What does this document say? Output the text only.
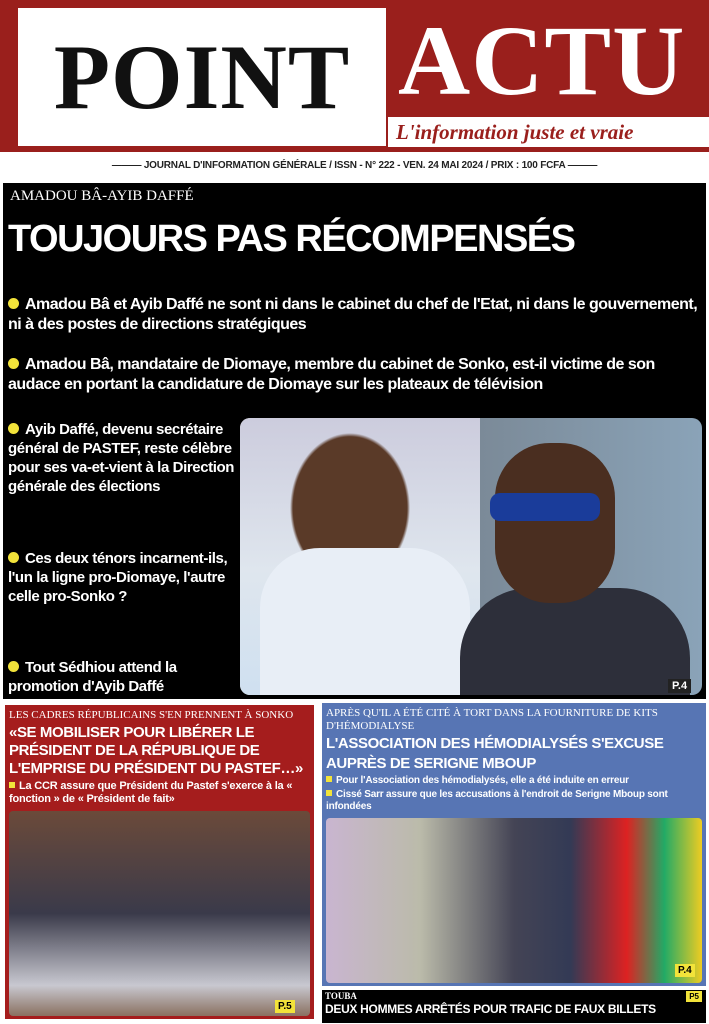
POINT ACTU
L'information juste et vraie
——— JOURNAL D'INFORMATION GÉNÉRALE / ISSN - N° 222 - VEN. 24 MAI 2024 / PRIX : 100 FCFA ———
AMADOU BÂ-AYIB DAFFÉ
TOUJOURS PAS RÉCOMPENSÉS
Amadou Bâ et Ayib Daffé ne sont ni dans le cabinet du chef de l'Etat, ni dans le gouvernement, ni à des postes de directions stratégiques
Amadou Bâ, mandataire de Diomaye, membre du cabinet de Sonko, est-il victime de son audace en portant la candidature de Diomaye sur les plateaux de télévision
Ayib Daffé, devenu secrétaire général de PASTEF, reste célèbre pour ses va-et-vient à la Direction générale des élections
Ces deux ténors incarnent-ils, l'un la ligne pro-Diomaye, l'autre celle pro-Sonko ?
Tout Sédhiou attend la promotion d'Ayib Daffé	P.4
LES CADRES RÉPUBLICAINS S'EN PRENNENT À SONKO
«SE MOBILISER POUR LIBÉRER LE PRÉSIDENT DE LA RÉPUBLIQUE DE L'EMPRISE DU PRÉSIDENT DU PASTEF…»
La CCR assure que Président du Pastef s'exerce à la « fonction » de « Président de fait»
P.5
APRÈS QU'IL A ÉTÉ CITÉ À TORT DANS LA FOURNITURE DE KITS D'HÉMODIALYSE
L'ASSOCIATION DES HÉMODIALYSÉS S'EXCUSE
AUPRÈS DE SERIGNE MBOUP
Pour l'Association des hémodialysés, elle a été induite en erreur
Cissé Sarr assure que les accusations à l'endroit de Serigne Mboup sont infondées
P.4
TOUBA
DEUX HOMMES ARRÊTÉS POUR TRAFIC DE FAUX BILLETS
P5
